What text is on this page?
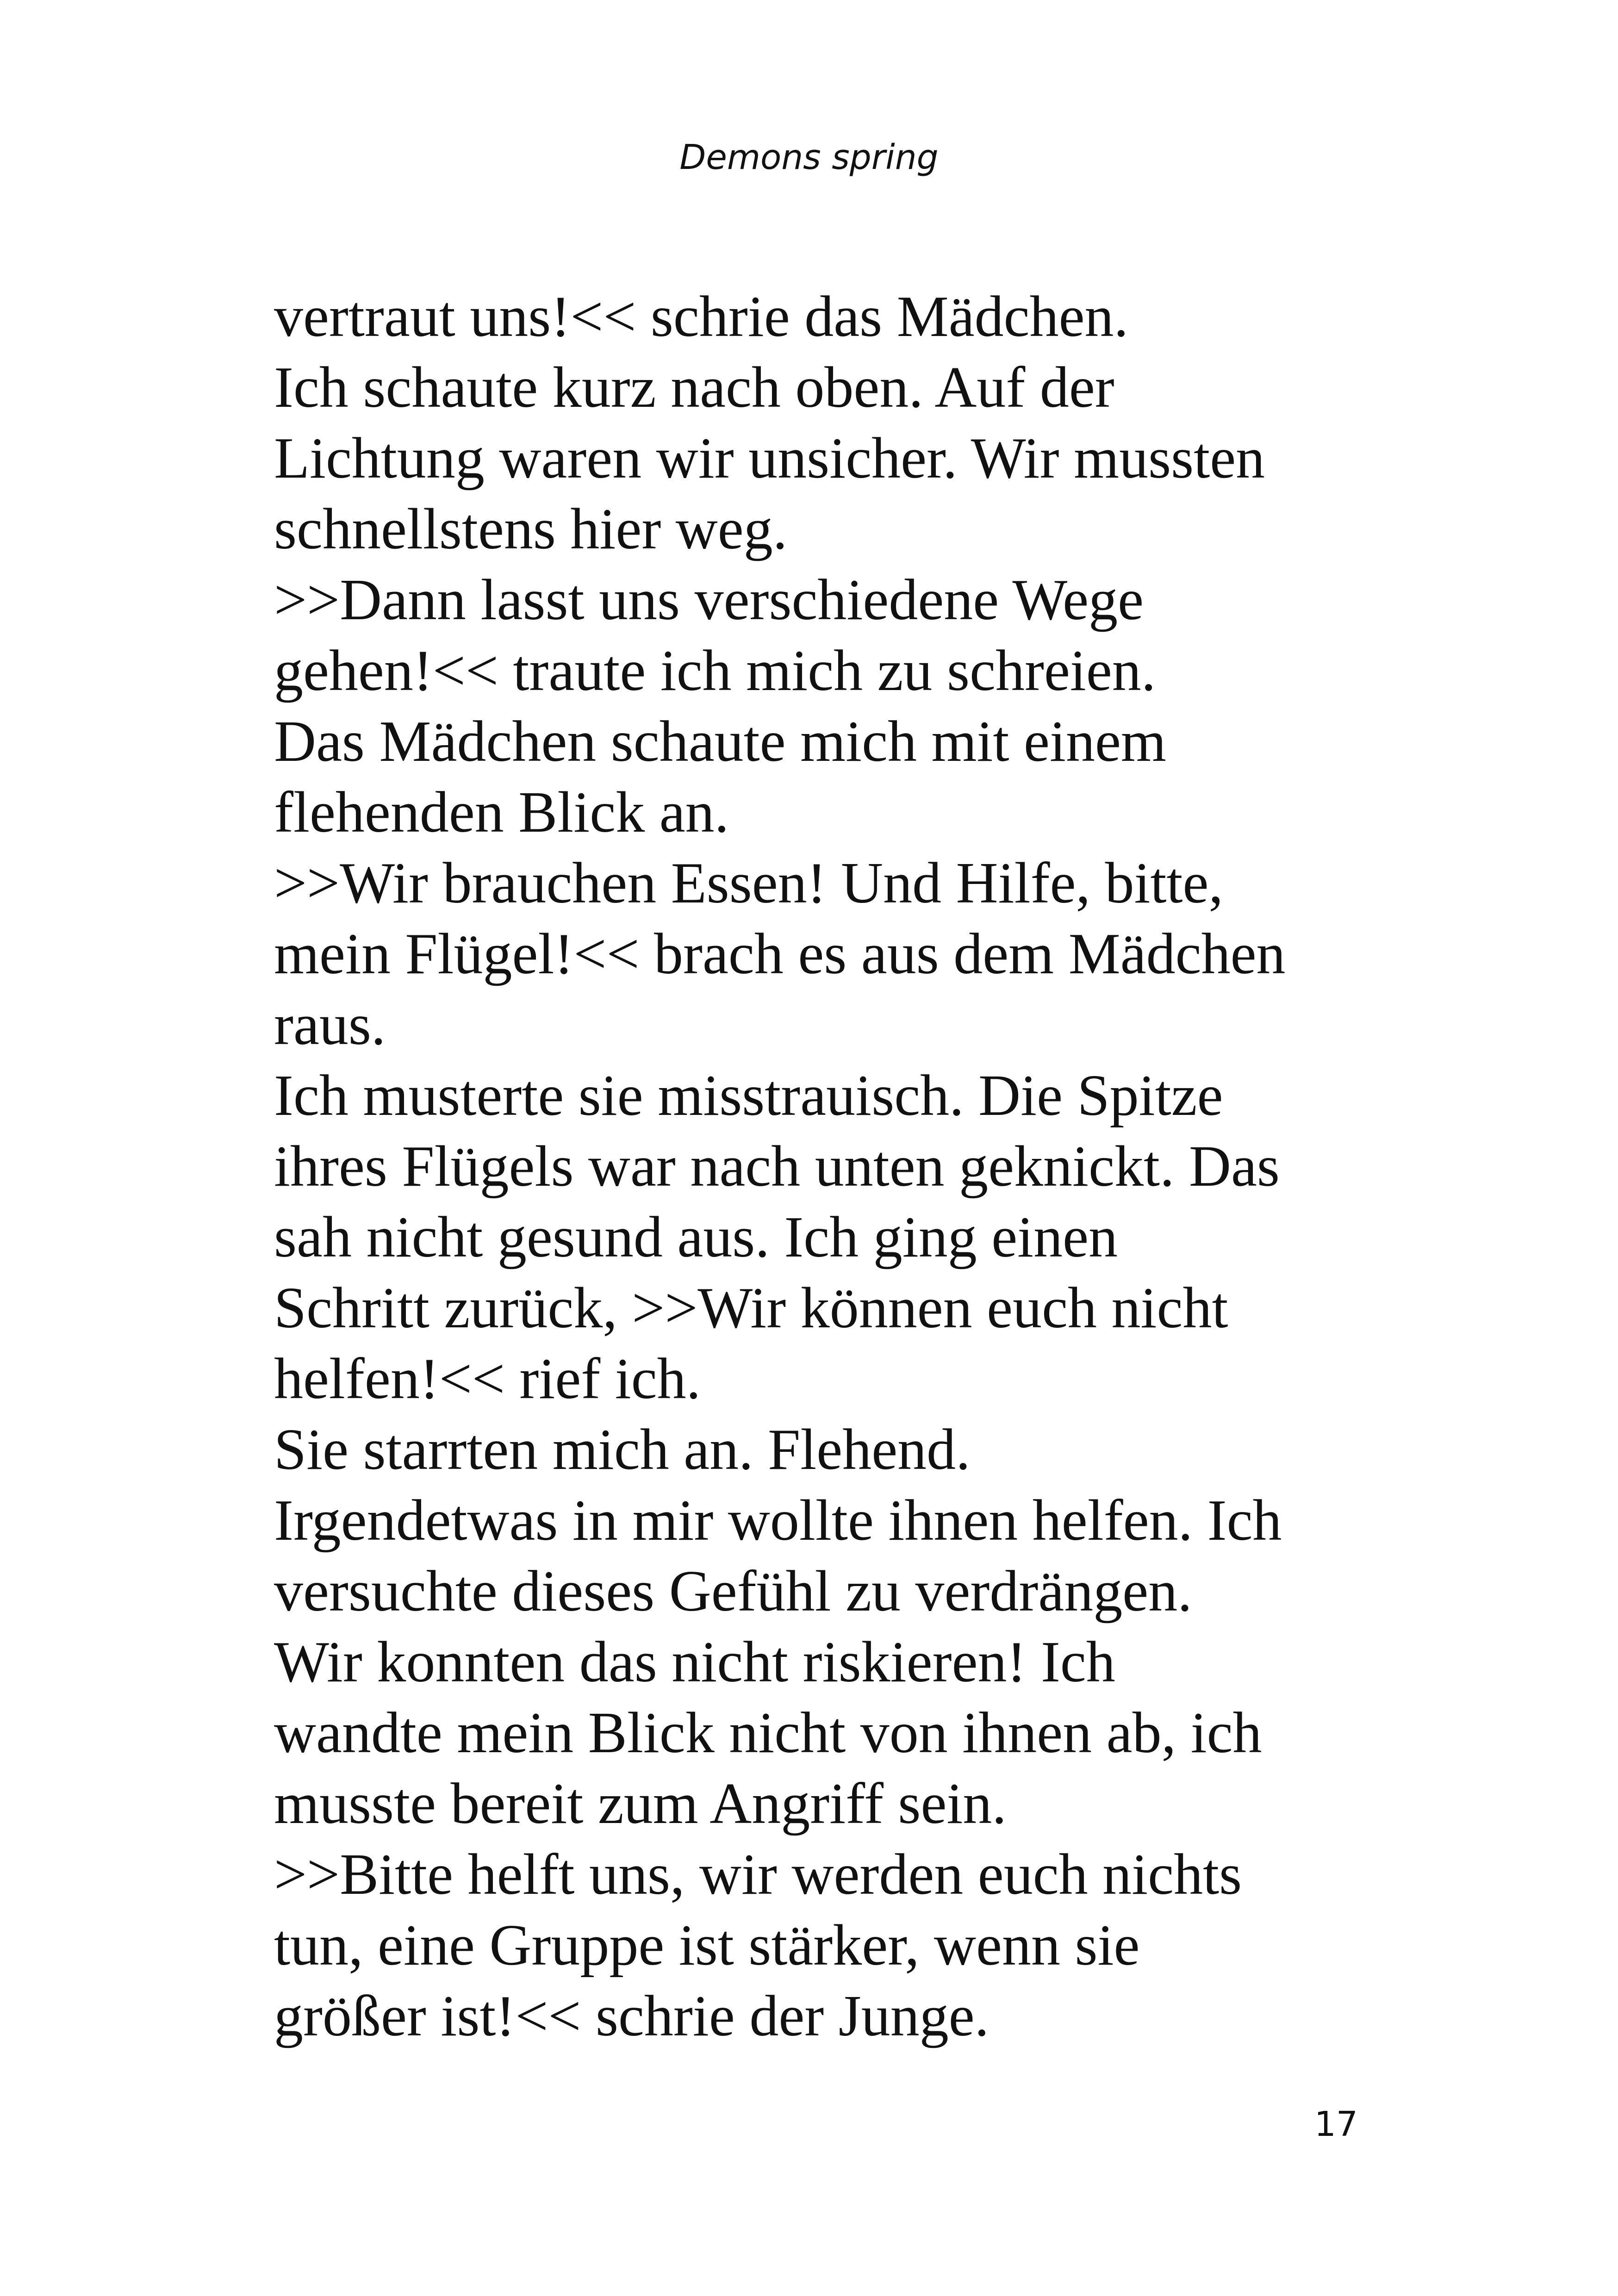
Demons spring

vertraut uns!<< schrie das Mädchen.
Ich schaute kurz nach oben. Auf der
Lichtung waren wir unsicher. Wir mussten
schnellstens hier weg.
>>Dann lasst uns verschiedene Wege
gehen!<< traute ich mich zu schreien.
Das Mädchen schaute mich mit einem
flehenden Blick an.
>>Wir brauchen Essen! Und Hilfe, bitte,
mein Flügel!<< brach es aus dem Mädchen
raus.
Ich musterte sie misstrauisch. Die Spitze
ihres Flügels war nach unten geknickt. Das
sah nicht gesund aus. Ich ging einen
Schritt zurück, >>Wir können euch nicht
helfen!<< rief ich.
Sie starrten mich an. Flehend.
Irgendetwas in mir wollte ihnen helfen. Ich
versuchte dieses Gefühl zu verdrängen.
Wir konnten das nicht riskieren! Ich
wandte mein Blick nicht von ihnen ab, ich
musste bereit zum Angriff sein.
>>Bitte helft uns, wir werden euch nichts
tun, eine Gruppe ist stärker, wenn sie
größer ist!<< schrie der Junge.

17
